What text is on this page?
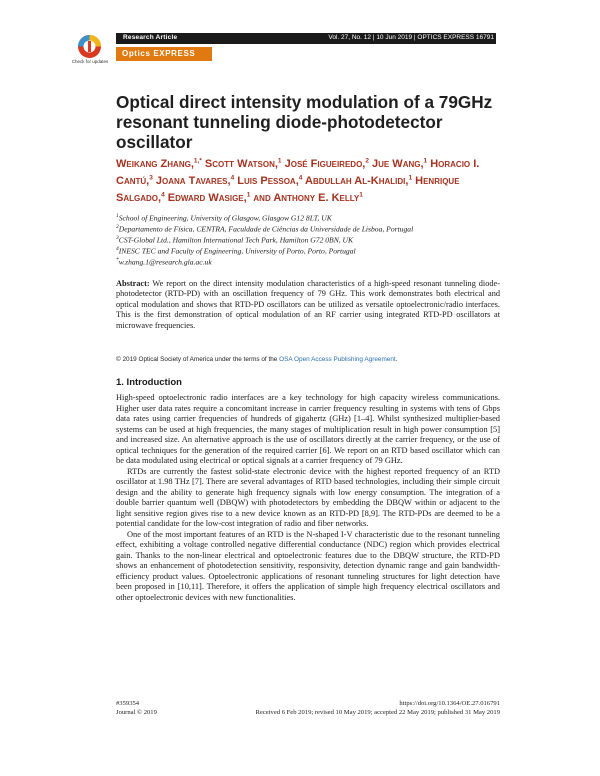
Check for updates
Research Article	Vol. 27, No. 12 | 10 Jun 2019 | OPTICS EXPRESS 16791
Optics EXPRESS
Optical direct intensity modulation of a 79GHz resonant tunneling diode-photodetector oscillator
Weikang Zhang,$^{1,*}$ Scott Watson,$^1$ José Figueiredo,$^2$ Jue Wang,$^1$ Horacio I. Cantú,$^3$ Joana Tavares,$^4$ Luis Pessoa,$^4$ Abdullah Al-Khalidi,$^1$ Henrique Salgado,$^4$ Edward Wasige,$^1$ and Anthony E. Kelly$^1$
$^1$School of Engineering, University of Glasgow, Glasgow G12 8LT, UK
$^2$Departamento de Física, CENTRA, Faculdade de Ciências da Universidade de Lisboa, Portugal
$^3$CST-Global Ltd., Hamilton International Tech Park, Hamilton G72 0BN, UK
$^4$INESC TEC and Faculty of Engineering, University of Porto, Porto, Portugal
*w.zhang.1@research.gla.ac.uk
Abstract: We report on the direct intensity modulation characteristics of a high-speed resonant tunneling diode-photodetector (RTD-PD) with an oscillation frequency of 79 GHz. This work demonstrates both electrical and optical modulation and shows that RTD-PD oscillators can be utilized as versatile optoelectronic/radio interfaces. This is the first demonstration of optical modulation of an RF carrier using integrated RTD-PD oscillators at microwave frequencies.
© 2019 Optical Society of America under the terms of the OSA Open Access Publishing Agreement.
1. Introduction

High-speed optoelectronic radio interfaces are a key technology for high capacity wireless communications. Higher user data rates require a concomitant increase in carrier frequency resulting in systems with tens of Gbps data rates using carrier frequencies of hundreds of gigahertz (GHz) [1–4]. Whilst synthesized multiplier-based systems can be used at high frequencies, the many stages of multiplication result in high power consumption [5] and increased size. An alternative approach is the use of oscillators directly at the carrier frequency, or the use of optical techniques for the generation of the required carrier [6]. We report on an RTD based oscillator which can be data modulated using electrical or optical signals at a carrier frequency of 79 GHz.

RTDs are currently the fastest solid-state electronic device with the highest reported frequency of an RTD oscillator at 1.98 THz [7]. There are several advantages of RTD based technologies, including their simple circuit design and the ability to generate high frequency signals with low energy consumption. The integration of a double barrier quantum well (DBQW) with photodetectors by embedding the DBQW within or adjacent to the light sensitive region gives rise to a new device known as an RTD-PD [8,9]. The RTD-PDs are deemed to be a potential candidate for the low-cost integration of radio and fiber networks.

One of the most important features of an RTD is the N-shaped I-V characteristic due to the resonant tunneling effect, exhibiting a voltage controlled negative differential conductance (NDC) region which provides electrical gain. Thanks to the non-linear electrical and optoelectronic features due to the DBQW structure, the RTD-PD shows an enhancement of photodetection sensitivity, responsivity, detection dynamic range and gain bandwidth-efficiency product values. Optoelectronic applications of resonant tunneling structures for light detection have been proposed in [10,11]. Therefore, it offers the application of simple high frequency electrical oscillators and other optoelectronic devices with new functionalities.

#359354
Journal © 2019
https://doi.org/10.1364/OE.27.016791
Received 6 Feb 2019; revised 10 May 2019; accepted 22 May 2019; published 31 May 2019
